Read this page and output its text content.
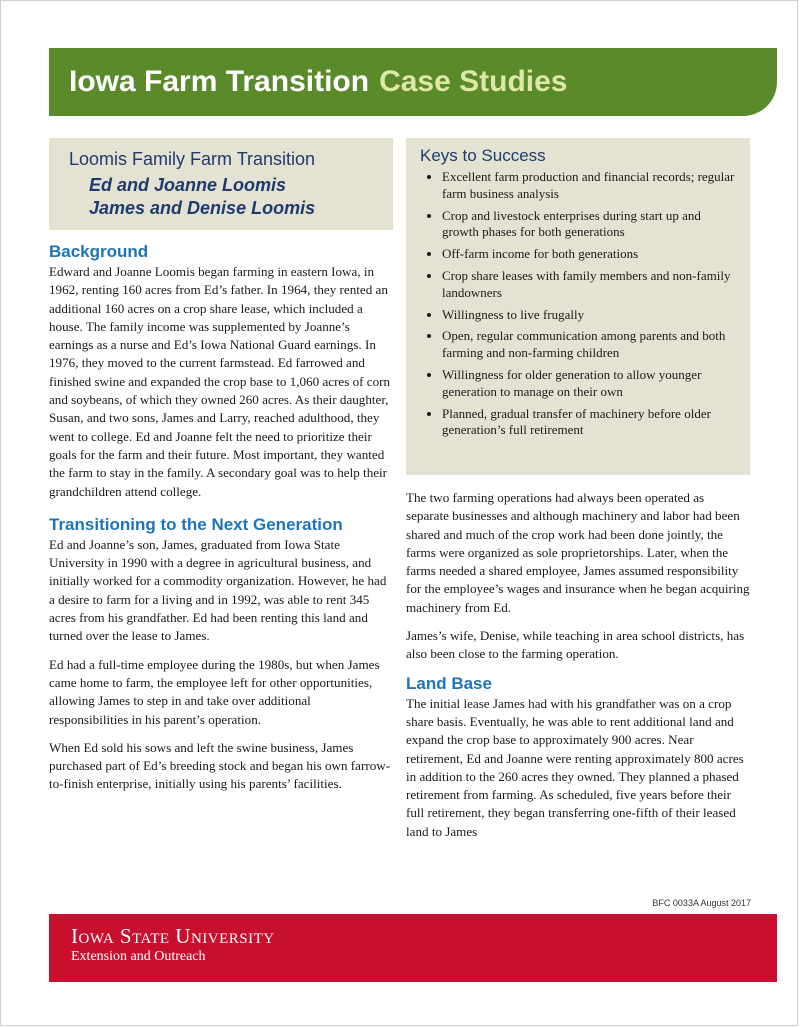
Iowa Farm Transition Case Studies
Loomis Family Farm Transition
Ed and Joanne Loomis
James and Denise Loomis
Background

Edward and Joanne Loomis began farming in eastern Iowa, in 1962, renting 160 acres from Ed’s father. In 1964, they rented an additional 160 acres on a crop share lease, which included a house. The family income was supplemented by Joanne’s earnings as a nurse and Ed’s Iowa National Guard earnings. In 1976, they moved to the current farmstead. Ed farrowed and finished swine and expanded the crop base to 1,060 acres of corn and soybeans, of which they owned 260 acres. As their daughter, Susan, and two sons, James and Larry, reached adulthood, they went to college. Ed and Joanne felt the need to prioritize their goals for the farm and their future. Most important, they wanted the farm to stay in the family. A secondary goal was to help their grandchildren attend college.

Transitioning to the Next Generation

Ed and Joanne’s son, James, graduated from Iowa State University in 1990 with a degree in agricultural business, and initially worked for a commodity organization. However, he had a desire to farm for a living and in 1992, was able to rent 345 acres from his grandfather. Ed had been renting this land and turned over the lease to James.

Ed had a full-time employee during the 1980s, but when James came home to farm, the employee left for other opportunities, allowing James to step in and take over additional responsibilities in his parent’s operation.

When Ed sold his sows and left the swine business, James purchased part of Ed’s breeding stock and began his own farrow-to-finish enterprise, initially using his parents’ facilities.

Keys to Success
• Excellent farm production and financial records; regular farm business analysis
• Crop and livestock enterprises during start up and growth phases for both generations
• Off-farm income for both generations
• Crop share leases with family members and non-family landowners
• Willingness to live frugally
• Open, regular communication among parents and both farming and non-farming children
• Willingness for older generation to allow younger generation to manage on their own
• Planned, gradual transfer of machinery before older generation’s full retirement

The two farming operations had always been operated as separate businesses and although machinery and labor had been shared and much of the crop work had been done jointly, the farms were organized as sole proprietorships. Later, when the farms needed a shared employee, James assumed responsibility for the employee’s wages and insurance when he began acquiring machinery from Ed.

James’s wife, Denise, while teaching in area school districts, has also been close to the farming operation.

Land Base

The initial lease James had with his grandfather was on a crop share basis. Eventually, he was able to rent additional land and expand the crop base to approximately 900 acres. Near retirement, Ed and Joanne were renting approximately 800 acres in addition to the 260 acres they owned. They planned a phased retirement from farming. As scheduled, five years before their full retirement, they began transferring one-fifth of their leased land to James

BFC 0033A August 2017
Iowa State University
Extension and Outreach
